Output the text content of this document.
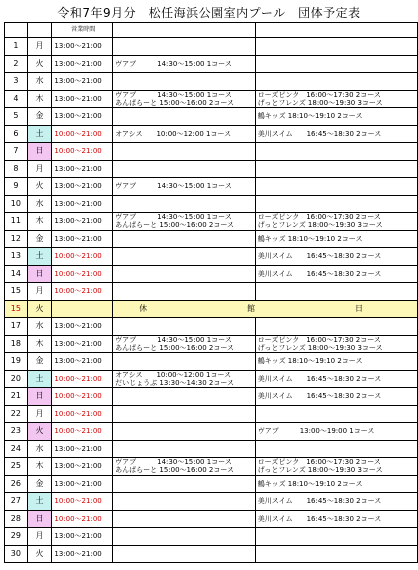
令和7年9月分　松任海浜公園室内プール　団体予定表
		営業時間		
1	月	13:00～21:00		
2	火	13:00～21:00	ヴアブ　　　14:30～15:00 1コース	

3	水	13:00～21:00		
4	木	13:00～21:00	ヴアブ　　　14:30～15:00 1コース
あんぱらーと 15:00～16:00 2コース	ローズピンク　16:00～17:30 2コース
げっとフレンズ 18:00～19:30 3コース

5	金	13:00～21:00		鶴キッズ 18:10～19:10 2コース

6	土	10:00～21:00	オアシス　　10:00～12:00 1コース	美川スイム　　16:45～18:30 2コース

7	日	10:00～21:00		
8	月	13:00～21:00		
9	火	13:00～21:00	ヴアブ　　　14:30～15:00 1コース	

10	水	13:00～21:00		
11	木	13:00～21:00	ヴアブ　　　14:30～15:00 1コース
あんぱらーと 15:00～16:00 2コース	ローズピンク　16:00～17:30 2コース
げっとフレンズ 18:00～19:30 3コース

12	金	13:00～21:00		鶴キッズ 18:10～19:10 2コース

13	土	10:00～21:00		美川スイム　　16:45～18:30 2コース

14	日	10:00～21:00		美川スイム　　16:45～18:30 2コース

15	月	10:00～21:00		
15	火		休　　館　　日	
17	水	13:00～21:00		
18	木	13:00～21:00	ヴアブ　　　14:30～15:00 1コース
あんぱらーと 15:00～16:00 2コース	ローズピンク　16:00～17:30 2コース
げっとフレンズ 18:00～19:30 3コース

19	金	13:00～21:00		鶴キッズ 18:10～19:10 2コース

20	土	10:00～21:00	オアシス　　10:00～12:00 1コース
だいじょうぶ 13:30～14:30 2コース	美川スイム　　16:45～18:30 2コース

21	日	10:00～21:00		美川スイム　　16:45～18:30 2コース

22	月	10:00～21:00		
23	火	10:00～21:00		ヴアブ　　　13:00～19:00 1コース

24	水	13:00～21:00		
25	木	13:00～21:00	ヴアブ　　　14:30～15:00 1コース
あんぱらーと 15:00～16:00 2コース	ローズピンク　16:00～17:30 2コース
げっとフレンズ 18:00～19:30 3コース

26	金	13:00～21:00		鶴キッズ 18:10～19:10 2コース

27	土	10:00～21:00		美川スイム　　16:45～18:30 2コース

28	日	10:00～21:00		美川スイム　　16:45～18:30 2コース

29	月	13:00～21:00		
30	火	13:00～21:00		
